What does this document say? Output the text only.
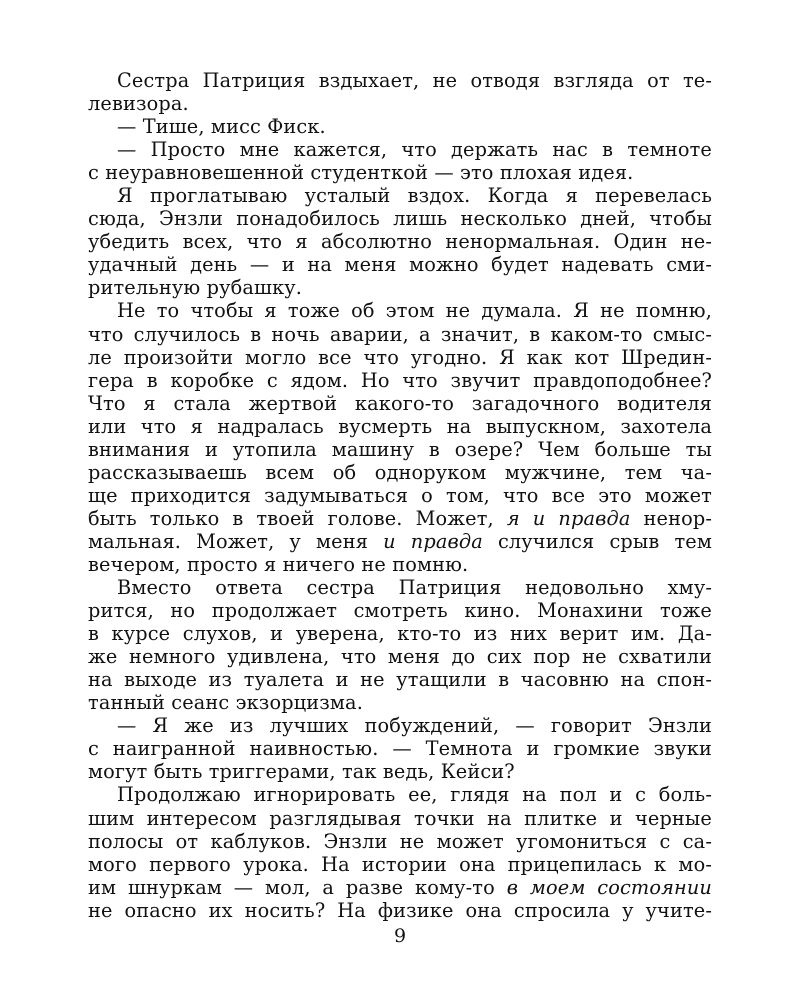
Сестра Патриция вздыхает, не отводя взгляда от те-
левизора.

— Тише, мисс Фиск.

— Просто мне кажется, что держать нас в темноте
с неуравновешенной студенткой — это плохая идея.

Я проглатываю усталый вздох. Когда я перевелась
сюда, Энзли понадобилось лишь несколько дней, чтобы
убедить всех, что я абсолютно ненормальная. Один не-
удачный день — и на меня можно будет надевать сми-
рительную рубашку.

Не то чтобы я тоже об этом не думала. Я не помню,
что случилось в ночь аварии, а значит, в каком-то смыс-
ле произойти могло все что угодно. Я как кот Шредин-
гера в коробке с ядом. Но что звучит правдоподобнее?
Что я стала жертвой какого-то загадочного водителя
или что я надралась вусмерть на выпускном, захотела
внимания и утопила машину в озере? Чем больше ты
рассказываешь всем об одноруком мужчине, тем ча-
ще приходится задумываться о том, что все это может
быть только в твоей голове. Может, я и правда ненор-
мальная. Может, у меня и правда случился срыв тем
вечером, просто я ничего не помню.

Вместо ответа сестра Патриция недовольно хму-
рится, но продолжает смотреть кино. Монахини тоже
в курсе слухов, и уверена, кто-то из них верит им. Да-
же немного удивлена, что меня до сих пор не схватили
на выходе из туалета и не утащили в часовню на спон-
танный сеанс экзорцизма.

— Я же из лучших побуждений, — говорит Энзли
с наигранной наивностью. — Темнота и громкие звуки
могут быть триггерами, так ведь, Кейси?

Продолжаю игнорировать ее, глядя на пол и с боль-
шим интересом разглядывая точки на плитке и черные
полосы от каблуков. Энзли не может угомониться с са-
мого первого урока. На истории она прицепилась к мо-
им шнуркам — мол, а разве кому-то в моем состоянии
не опасно их носить? На физике она спросила у учите-

9
